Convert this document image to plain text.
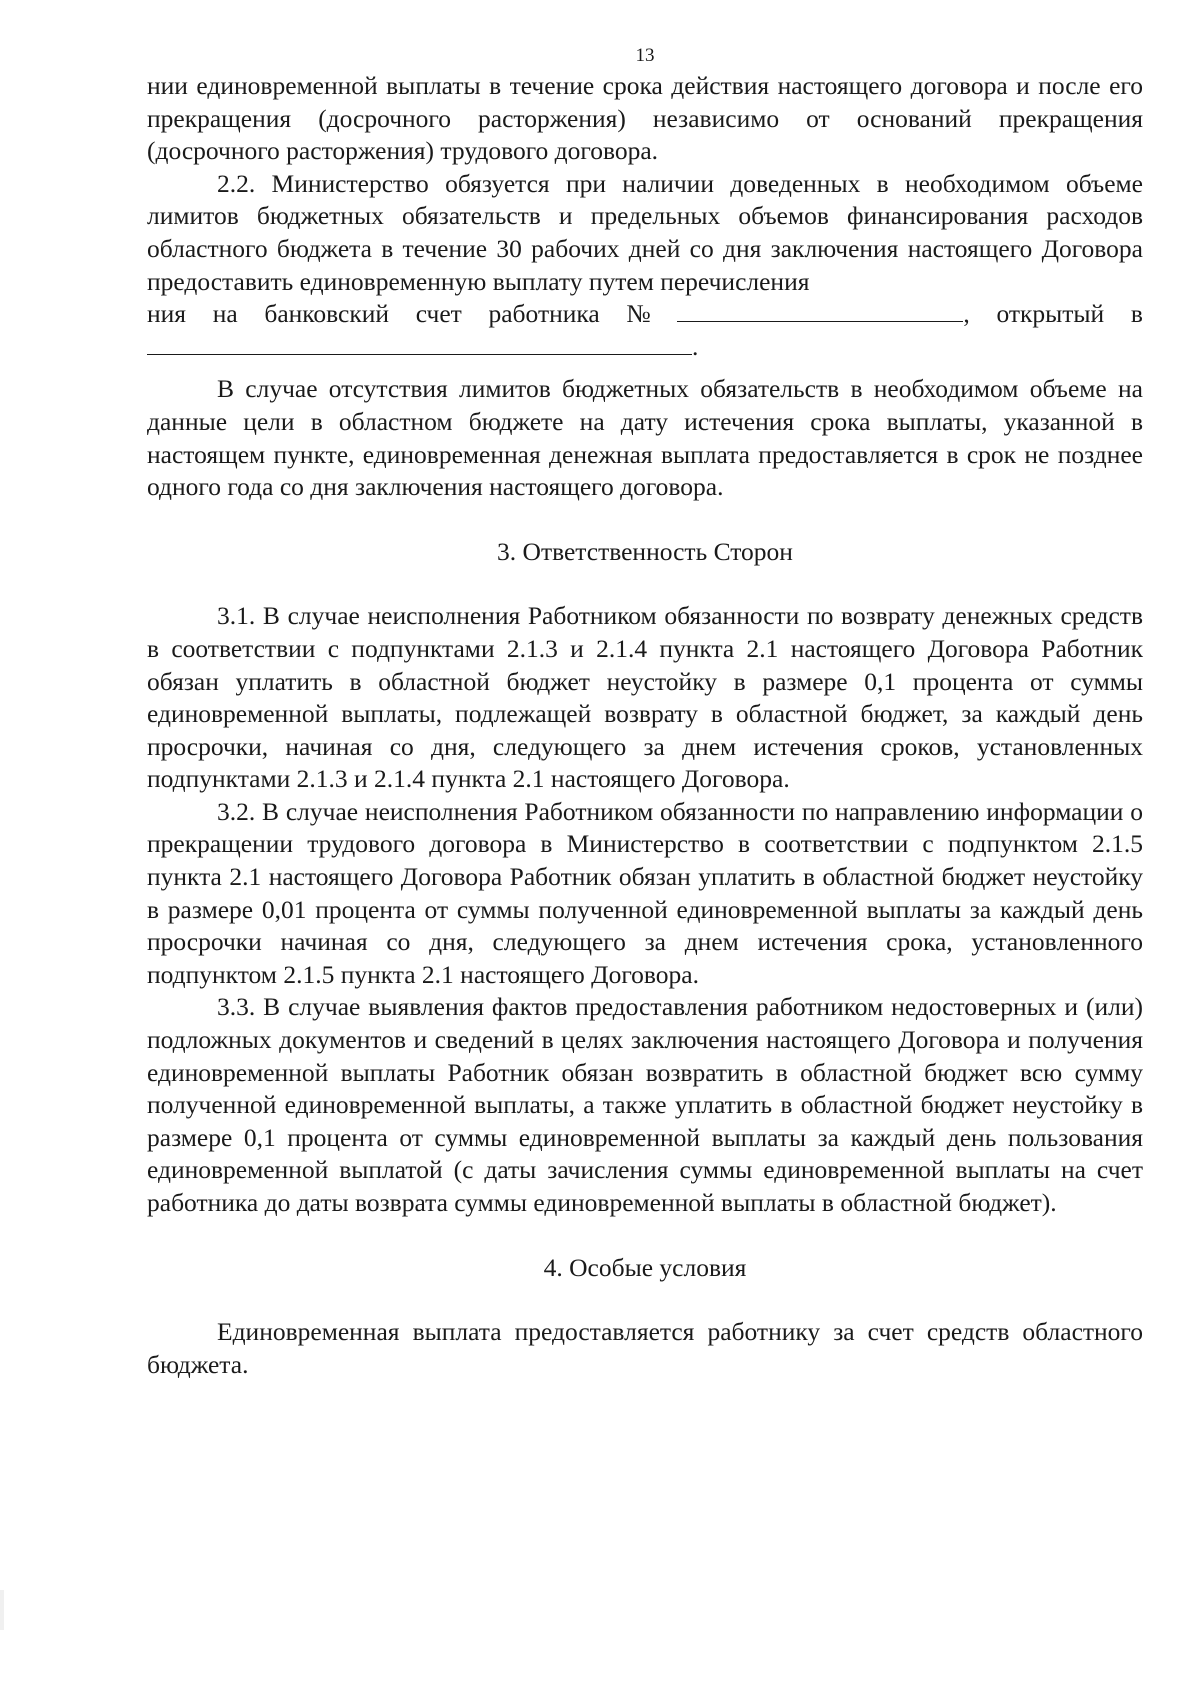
13

нии единовременной выплаты в течение срока действия настоящего договора и после его прекращения (досрочного расторжения) независимо от оснований прекращения (досрочного расторжения) трудового договора.

2.2. Министерство обязуется при наличии доведенных в необходимом объеме лимитов бюджетных обязательств и предельных объемов финансирования расходов областного бюджета в течение 30 рабочих дней со дня заключения настоящего Договора предоставить единовременную выплату путем перечисления

ния на банковский счет работника №	, открытый в
.

В случае отсутствия лимитов бюджетных обязательств в необходимом объеме на данные цели в областном бюджете на дату истечения срока выплаты, указанной в настоящем пункте, единовременная денежная выплата предоставляется в срок не позднее одного года со дня заключения настоящего договора.

3. Ответственность Сторон

3.1. В случае неисполнения Работником обязанности по возврату денежных средств в соответствии с подпунктами 2.1.3 и 2.1.4 пункта 2.1 настоящего Договора Работник обязан уплатить в областной бюджет неустойку в размере 0,1 процента от суммы единовременной выплаты, подлежащей возврату в областной бюджет, за каждый день просрочки, начиная со дня, следующего за днем истечения сроков, установленных подпунктами 2.1.3 и 2.1.4 пункта 2.1 настоящего Договора.

3.2. В случае неисполнения Работником обязанности по направлению информации о прекращении трудового договора в Министерство в соответствии с подпунктом 2.1.5 пункта 2.1 настоящего Договора Работник обязан уплатить в областной бюджет неустойку в размере 0,01 процента от суммы полученной единовременной выплаты за каждый день просрочки начиная со дня, следующего за днем истечения срока, установленного подпунктом 2.1.5 пункта 2.1 настоящего Договора.

3.3. В случае выявления фактов предоставления работником недостоверных и (или) подложных документов и сведений в целях заключения настоящего Договора и получения единовременной выплаты Работник обязан возвратить в областной бюджет всю сумму полученной единовременной выплаты, а также уплатить в областной бюджет неустойку в размере 0,1 процента от суммы единовременной выплаты за каждый день пользования единовременной выплатой (с даты зачисления суммы единовременной выплаты на счет работника до даты возврата суммы единовременной выплаты в областной бюджет).

4. Особые условия

Единовременная выплата предоставляется работнику за счет средств областного бюджета.
